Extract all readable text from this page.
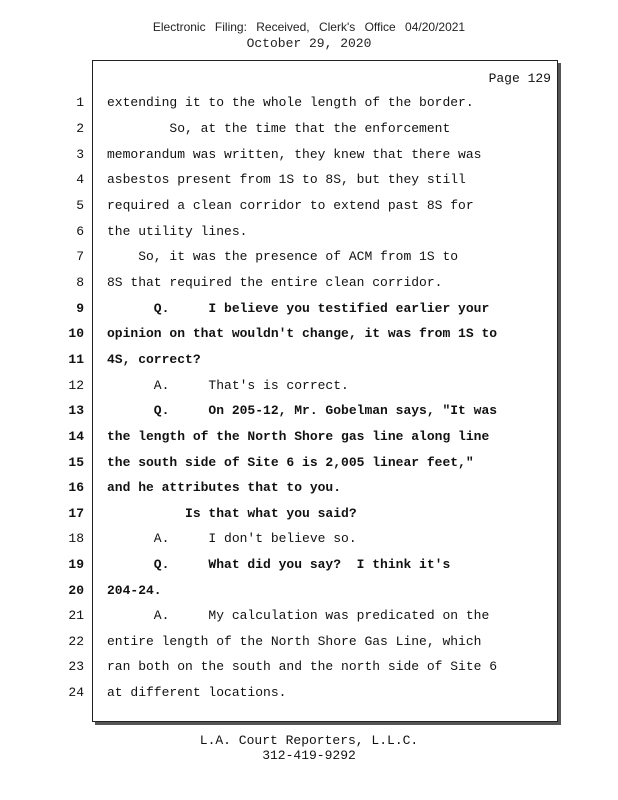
Electronic Filing: Received, Clerk's Office 04/20/2021
October 29, 2020
Page 129
1 extending it to the whole length of the border.
2 So, at the time that the enforcement
3 memorandum was written, they knew that there was
4 asbestos present from 1S to 8S, but they still
5 required a clean corridor to extend past 8S for
6 the utility lines.
7 So, it was the presence of ACM from 1S to
8 8S that required the entire clean corridor.
9 Q.     I believe you testified earlier your
10 opinion on that wouldn't change, it was from 1S to
11 4S, correct?
12 A.     That's is correct.
13 Q.     On 205-12, Mr. Gobelman says, "It was
14 the length of the North Shore gas line along line
15 the south side of Site 6 is 2,005 linear feet,"
16 and he attributes that to you.
17 Is that what you said?
18 A.     I don't believe so.
19 Q.     What did you say?  I think it's
20 204-24.
21 A.     My calculation was predicated on the
22 entire length of the North Shore Gas Line, which
23 ran both on the south and the north side of Site 6
24 at different locations.
L.A. Court Reporters, L.L.C.
312-419-9292
